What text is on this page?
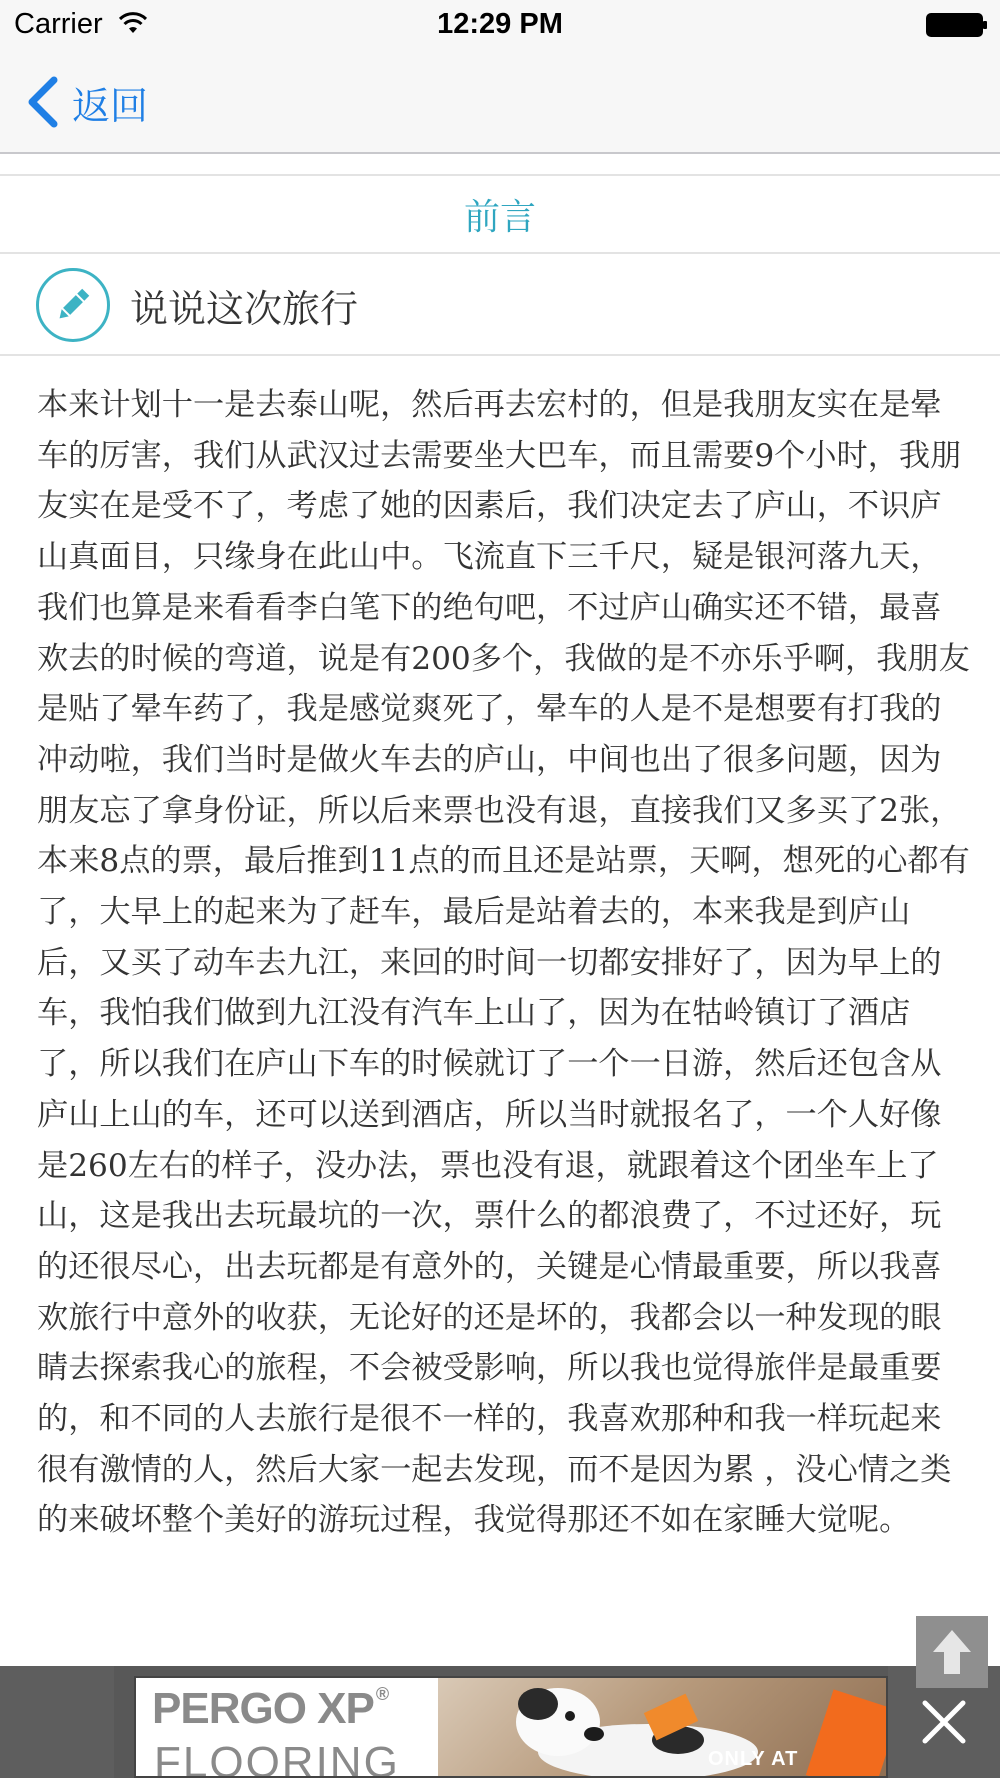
Carrier	12:29 PM
返回
前言
说说这次旅行
本来计划十一是去泰山呢，然后再去宏村的，但是我朋友实在是晕车的厉害，我们从武汉过去需要坐大巴车，而且需要9个小时，我朋友实在是受不了，考虑了她的因素后，我们决定去了庐山，不识庐山真面目，只缘身在此山中。飞流直下三千尺，疑是银河落九天，我们也算是来看看李白笔下的绝句吧，不过庐山确实还不错，最喜欢去的时候的弯道，说是有200多个，我做的是不亦乐乎啊，我朋友是贴了晕车药了，我是感觉爽死了，晕车的人是不是想要有打我的冲动啦，我们当时是做火车去的庐山，中间也出了很多问题，因为朋友忘了拿身份证，所以后来票也没有退，直接我们又多买了2张，本来8点的票，最后推到11点的而且还是站票，天啊，想死的心都有了，大早上的起来为了赶车，最后是站着去的，本来我是到庐山后，又买了动车去九江，来回的时间一切都安排好了，因为早上的车，我怕我们做到九江没有汽车上山了，因为在牯岭镇订了酒店了，所以我们在庐山下车的时候就订了一个一日游，然后还包含从庐山上山的车，还可以送到酒店，所以当时就报名了，一个人好像是260左右的样子，没办法，票也没有退，就跟着这个团坐车上了山，这是我出去玩最坑的一次，票什么的都浪费了，不过还好，玩的还很尽心，出去玩都是有意外的，关键是心情最重要，所以我喜欢旅行中意外的收获，无论好的还是坏的，我都会以一种发现的眼睛去探索我心的旅程，不会被受影响，所以我也觉得旅伴是最重要的，和不同的人去旅行是很不一样的，我喜欢那种和我一样玩起来很有激情的人，然后大家一起去发现，而不是因为累 ，没心情之类的来破坏整个美好的游玩过程，我觉得那还不如在家睡大觉呢。
PERGO XP ®
FLOORING	ONLY AT
